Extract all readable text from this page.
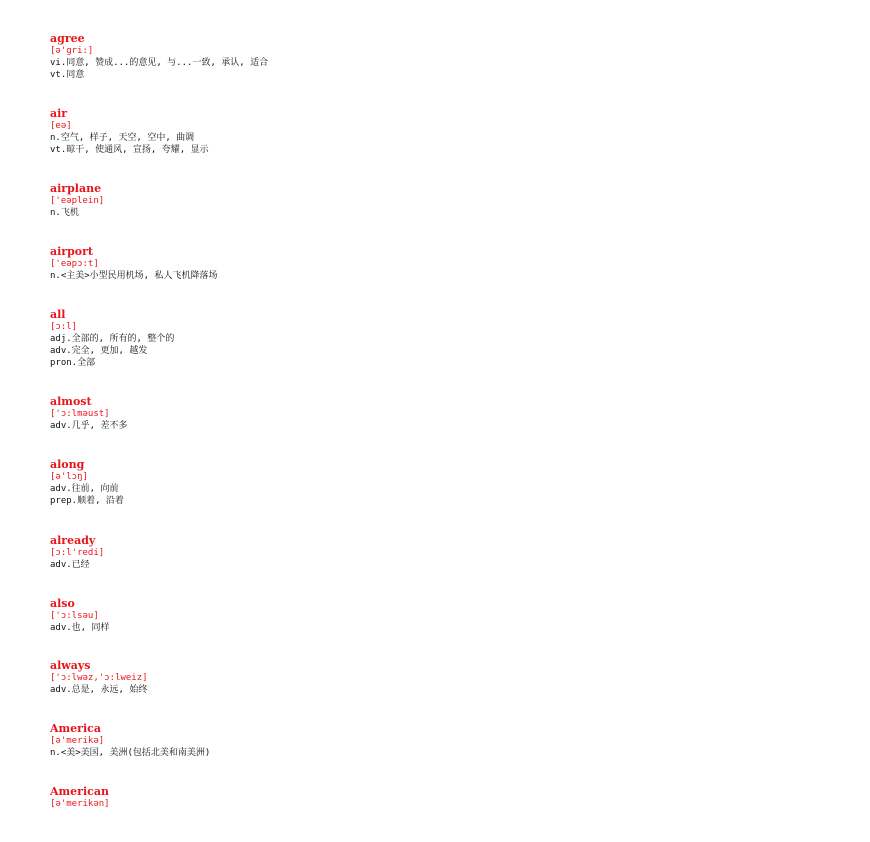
agree
[ə'gri:]
vi.同意, 赞成...的意见, 与...一致, 承认, 适合
vt.同意
air
[eə]
n.空气, 样子, 天空, 空中, 曲调
vt.晾干, 使通风, 宣扬, 夸耀, 显示
airplane
['eəplein]
n.飞机
airport
['eəpɔ:t]
n.<主美>小型民用机场, 私人飞机降落场
all
[ɔ:l]
adj.全部的, 所有的, 整个的
adv.完全, 更加, 越发
pron.全部
almost
['ɔ:lməust]
adv.几乎, 差不多
along
[ə'lɔŋ]
adv.往前, 向前
prep.顺着, 沿着
already
[ɔ:l'redi]
adv.已经
also
['ɔ:lsəu]
adv.也, 同样
always
['ɔ:lwəz,'ɔ:lweiz]
adv.总是, 永远, 始终
America
[ə'merikə]
n.<美>美国, 美洲(包括北美和南美洲)
American
[ə'merikən]
